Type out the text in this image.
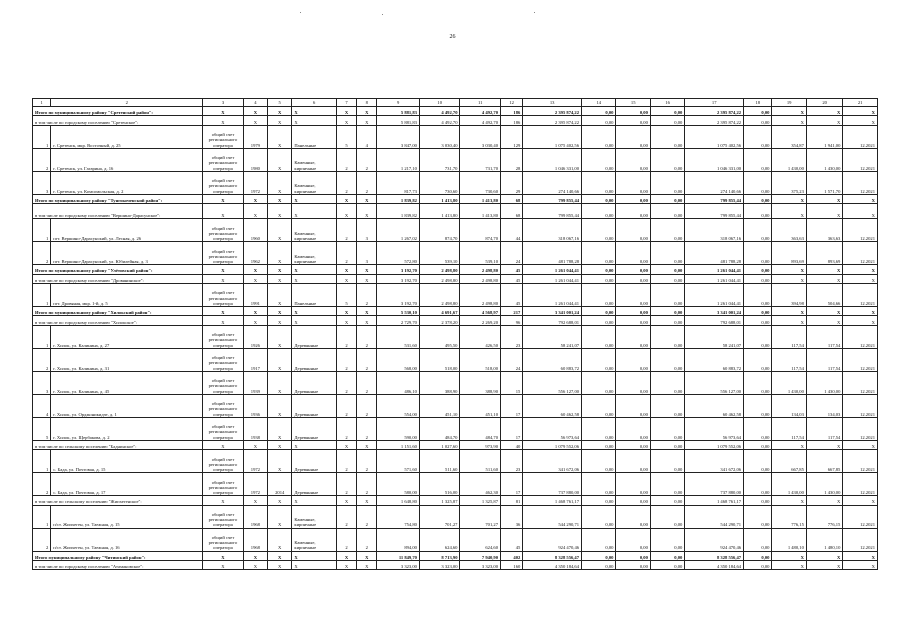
26
1	2	3	4	5	6	7	8	9	10	11	12	13	14	15	16	17	18	19	20	21
Итого по муниципальному району "Сретенский район":		X	X	X	X	X	X	5 881,83	4 492,70	4 492,70	186	2 395 874,22	0,00	0,00	0,00	2 395 874,22	0,00	X	X	X
в том числе по городскому поселению "Сретенское":		X	X	X	X	X	X	5 881,83	4 492,70	4 492,70	186	2 395 874,22	0,00	0,00	0,00	2 395 874,22	0,00	X	X	X
1	г. Сретенск, мкр. Восточный, д. 25	общий счет регионального оператора	1979	X	Панельные	5	4	3 847,00	3 030,40	3 030,40	129	1 075 402,56	0,00	0,00	0,00	1 075 402,56	0,00	354,87	1 941,00	12.2021
2	г. Сретенск, ул. Гагарина, д. 16	общий счет регионального оператора	1980	X	Каменные, кирпичные	2	2	1 217,10	731,70	731,70	28	1 046 331,00	0,00	0,00	0,00	1 046 331,00	0,00	1 430,00	1 430,00	12.2021
3	г. Сретенск, ул. Комсомольская, д. 2	общий счет регионального оператора	1972	X	Каменные, кирпичные	2	2	817,73	730,60	730,60	29	274 140,66	0,00	0,00	0,00	274 140,66	0,00	375,23	1 571,70	12.2021
Итого по муниципальному району "Тунгокоченский район":		X	X	X	X	X	X	1 839,82	1 413,80	1 413,80	68	799 855,44	0,00	0,00	0,00	799 855,44	0,00	X	X	X
в том числе по городскому поселению "Вершино-Дарасунское":		X	X	X	X	X	X	1 839,82	1 413,80	1 413,80	68	799 855,44	0,00	0,00	0,00	799 855,44	0,00	X	X	X
1	пгт. Вершино-Дарасунский, ул. Лесная, д. 26	общий счет регионального оператора	1960	X	Каменные, кирпичные	2	3	1 267,02	874,70	874,70	44	318 067,16	0,00	0,00	0,00	318 067,16	0,00	363,63	363,63	12.2021
2	пгт. Вершино-Дарасунский, ул. Юбилейная, д. 3	общий счет регионального оператора	1962	X	Каменные, кирпичные	2	3	572,80	539,10	539,10	24	481 788,28	0,00	0,00	0,00	481 788,28	0,00	893,69	893,69	12.2021
Итого по муниципальному району "Улётовский район":		X	X	X	X	X	X	3 192,70	2 498,80	2 498,80	45	1 261 044,41	0,00	0,00	0,00	1 261 044,41	0,00	X	X	X
в том числе по городскому поселению "Дровянинское":		X	X	X	X	X	X	3 192,70	2 498,80	2 498,80	45	1 261 044,41	0,00	0,00	0,00	1 261 044,41	0,00	X	X	X
1	пгт. Дровяная, мкр. 1-й, д. 5	общий счет регионального оператора	1991	X	Панельные	5	2	3 192,70	2 498,80	2 498,80	45	1 261 044,41	0,00	0,00	0,00	1 261 044,41	0,00	394,98	504,66	12.2021
Итого по муниципальному району "Хилокский район":		X	X	X	X	X	X	5 530,10	4 691,67	4 568,97	217	3 341 001,24	0,00	0,00	0,00	3 341 001,24	0,00	X	X	X
в том числе по городскому поселению "Хилокское":		X	X	X	X	X	X	2 729,70	2 378,20	2 269,20	96	792 688,01	0,00	0,00	0,00	792 688,01	0,00	X	X	X
1	г. Хилок, ул. Калинина, д. 27	общий счет регионального оператора	1926	X	Деревянные	2	2	531,60	495,50	426,50	23	58 241,07	0,00	0,00	0,00	58 241,07	0,00	117,54	117,54	12.2021
2	г. Хилок, ул. Калинина, д. 31	общий счет регионального оператора	1917	X	Деревянные	2	2	568,00	518,00	518,00	24	60 883,72	0,00	0,00	0,00	60 883,72	0,00	117,54	117,54	12.2021
3	г. Хилок, ул. Калинина, д. 45	общий счет регионального оператора	1939	X	Деревянные	2	2	486,10	388,90	388,90	15	556 127,00	0,00	0,00	0,00	556 127,00	0,00	1 430,00	1 430,00	12.2021
4	г. Хилок, ул. Орджоникидзе, д. 1	общий счет регионального оператора	1936	X	Деревянные	2	2	554,00	451,10	451,10	17	60 462,58	0,00	0,00	0,00	60 462,58	0,00	134,03	134,03	12.2021
5	г. Хилок, ул. Щербакова, д. 2	общий счет регионального оператора	1938	X	Деревянные	2	2	590,00	484,70	484,70	17	56 973,64	0,00	0,00	0,00	56 973,64	0,00	117,54	117,54	12.2021
в том числе по сельскому поселению "Баднинское":		X	X	X	X	X	X	1 151,60	1 027,60	973,90	40	1 079 552,06	0,00	0,00	0,00	1 079 552,06	0,00	X	X	X
1	с. Бада, ул. Почтовая, д. 15	общий счет регионального оператора	1972	X	Деревянные	2	2	571,60	511,60	511,60	23	341 672,06	0,00	0,00	0,00	341 672,06	0,00	667,85	667,85	12.2021
2	с. Бада, ул. Почтовая, д. 17	общий счет регионального оператора	1972	2014	Деревянные	2	2	580,00	516,00	462,30	17	737 880,00	0,00	0,00	0,00	737 880,00	0,00	1 430,00	1 430,00	12.2021
в том числе по сельскому поселению "Жипхегенское":		X	X	X	X	X	X	1 648,80	1 325,87	1 325,87	81	1 468 761,17	0,00	0,00	0,00	1 468 761,17	0,00	X	X	X
1	п/ст. Жипхеген, ул. Таежная, д. 15	общий счет регионального оператора	1968	X	Каменные, кирпичные	2	2	754,80	701,27	701,27	36	544 290,71	0,00	0,00	0,00	544 290,71	0,00	776,15	776,15	12.2021
2	п/ст. Жипхеген, ул. Таежная, д. 16	общий счет регионального оператора	1968	X	Каменные, кирпичные	2	2	894,00	624,60	624,60	45	924 470,46	0,00	0,00	0,00	924 470,46	0,00	1 480,10	1 480,10	12.2021
Итого муниципальному району "Читинский район":		X	X	X	X	X	X	11 849,70	8 713,90	7 940,90	402	8 328 556,47	0,00	0,00	0,00	8 328 556,47	0,00	X	X	X
в том числе по городскому поселению "Атамановское":		X	X	X	X	X	X	3 323,00	3 323,00	3 323,00	160	4 350 184,64	0,00	0,00	0,00	4 350 184,64	0,00	X	X	X
